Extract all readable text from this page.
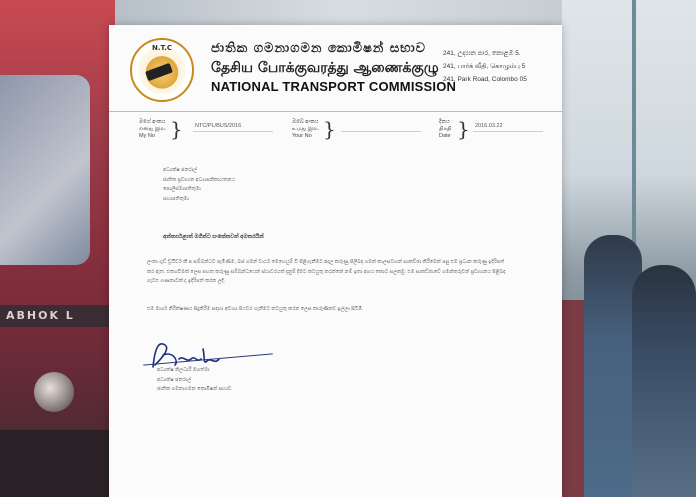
ABHOK L
N.T.C	ජාතික ගමනාගමන කොමිෂන් සභාව
தேசிய போக்குவரத்து ஆணைக்குழு
NATIONAL TRANSPORT COMMISSION
241, උද්‍යාන පාර, කොළඹ 5.
241, பார்க் வீதி, கொழும்பு 5
241, Park Road, Colombo 05
මගේ අංකය
எனது இல.
My No } NTC/PL/BUS/2016
ඔබේ අංකය
உமது இல.
Your No }	දිනය
திகதி
Date } 2016.03.22
අධ්‍යක්ෂ ජනරාල්
ජාතික ප්‍රවාහන අධ්‍යාපනිකායතනය
පොලිස්මාපතිතුමා
සභාපතිතුමා
අන්තර්පළාත් මගීන්ට සංකේතවත් අමතරයින්
ලංකා ගුඩ් ඩ්‍රයිවර් කී ප සම්බන්ධව පැමිණීම, බස් ගමන් වාර්ථ මෙහෙයුම් වී පිළිගැනීමට අදාල කරුණු පිලිබඳ ගමන් කාලසටහන් සාකච්ඡා කිරීමෙන් පසු එම ප්‍රධාන කරුණු ඉදිරිපත් කර ඇත. එකගවීමක් ලෙස පහත කරුණු සම්බන්ධයෙන් ස්ථාවරයක් දැනුම් දීමට කටයුතු කරන්නේ නම් ඉතා අගය කොට සලකමු. එම සාකච්ඡාවේ ගමන්කරුවන් ප්‍රවාහනය පිළිබඳ ගැටළු ගණනාවක් ද ඉදිරිපත් කරන ලදී.
එම මාර්ග නිරීක්ෂණය සිදුකිරීම සඳහා අවශ්‍ය පියවර ගැනීමට කටයුතු කරන ලෙස කාරුණිකව ඉල්ලා සිටිමි.
අධ්‍යක්ෂ නිලධාරී මහත්මා
අධ්‍යක්ෂ ජනරාල්
ජාතික ගමනාගමන කොමිෂන් සභාව
